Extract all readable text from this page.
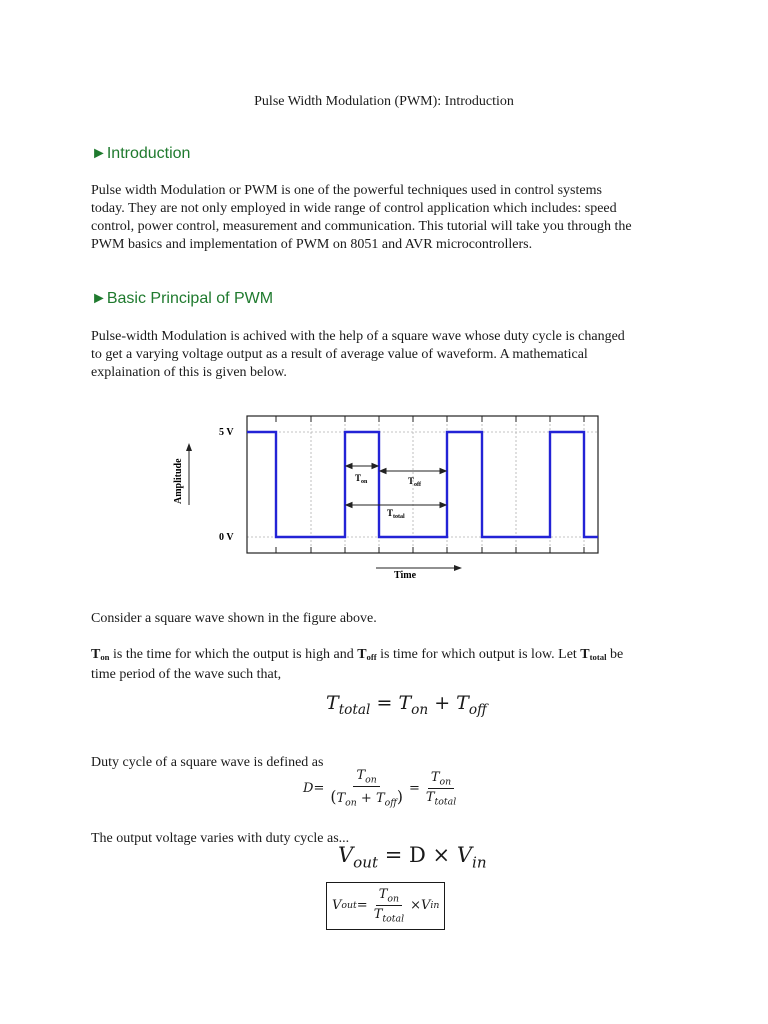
Pulse Width Modulation (PWM): Introduction
►Introduction
Pulse width Modulation or PWM is one of the powerful techniques used in control systems
today. They are not only employed in wide range of control application which includes: speed
control, power control, measurement and communication. This tutorial will take you through the
PWM basics and implementation of PWM on 8051 and AVR microcontrollers.
►Basic Principal of PWM
Pulse-width Modulation is achived with the help of a square wave whose duty cycle is changed
to get a varying voltage output as a result of average value of waveform. A mathematical
explaination of this is given below.
5 V
0 V
Amplitude
Time
$T_{on}$	$T_{off}$
$T_{total}$
Consider a square wave shown in the figure above.
Ton is the time for which the output is high and Toff is time for which output is low. Let Ttotal be
time period of the wave such that,
$T_{total} = T_{on} + T_{off}$
Duty cycle of a square wave is defined as
$D = \frac{T_{on}}{(T_{on} + T_{off})} = \frac{T_{on}}{T_{total}}$
The output voltage varies with duty cycle as...
$V_{out} = D \times V_{in}$
V out = $\frac{T_{on}}{T_{total}} \times V$ in
